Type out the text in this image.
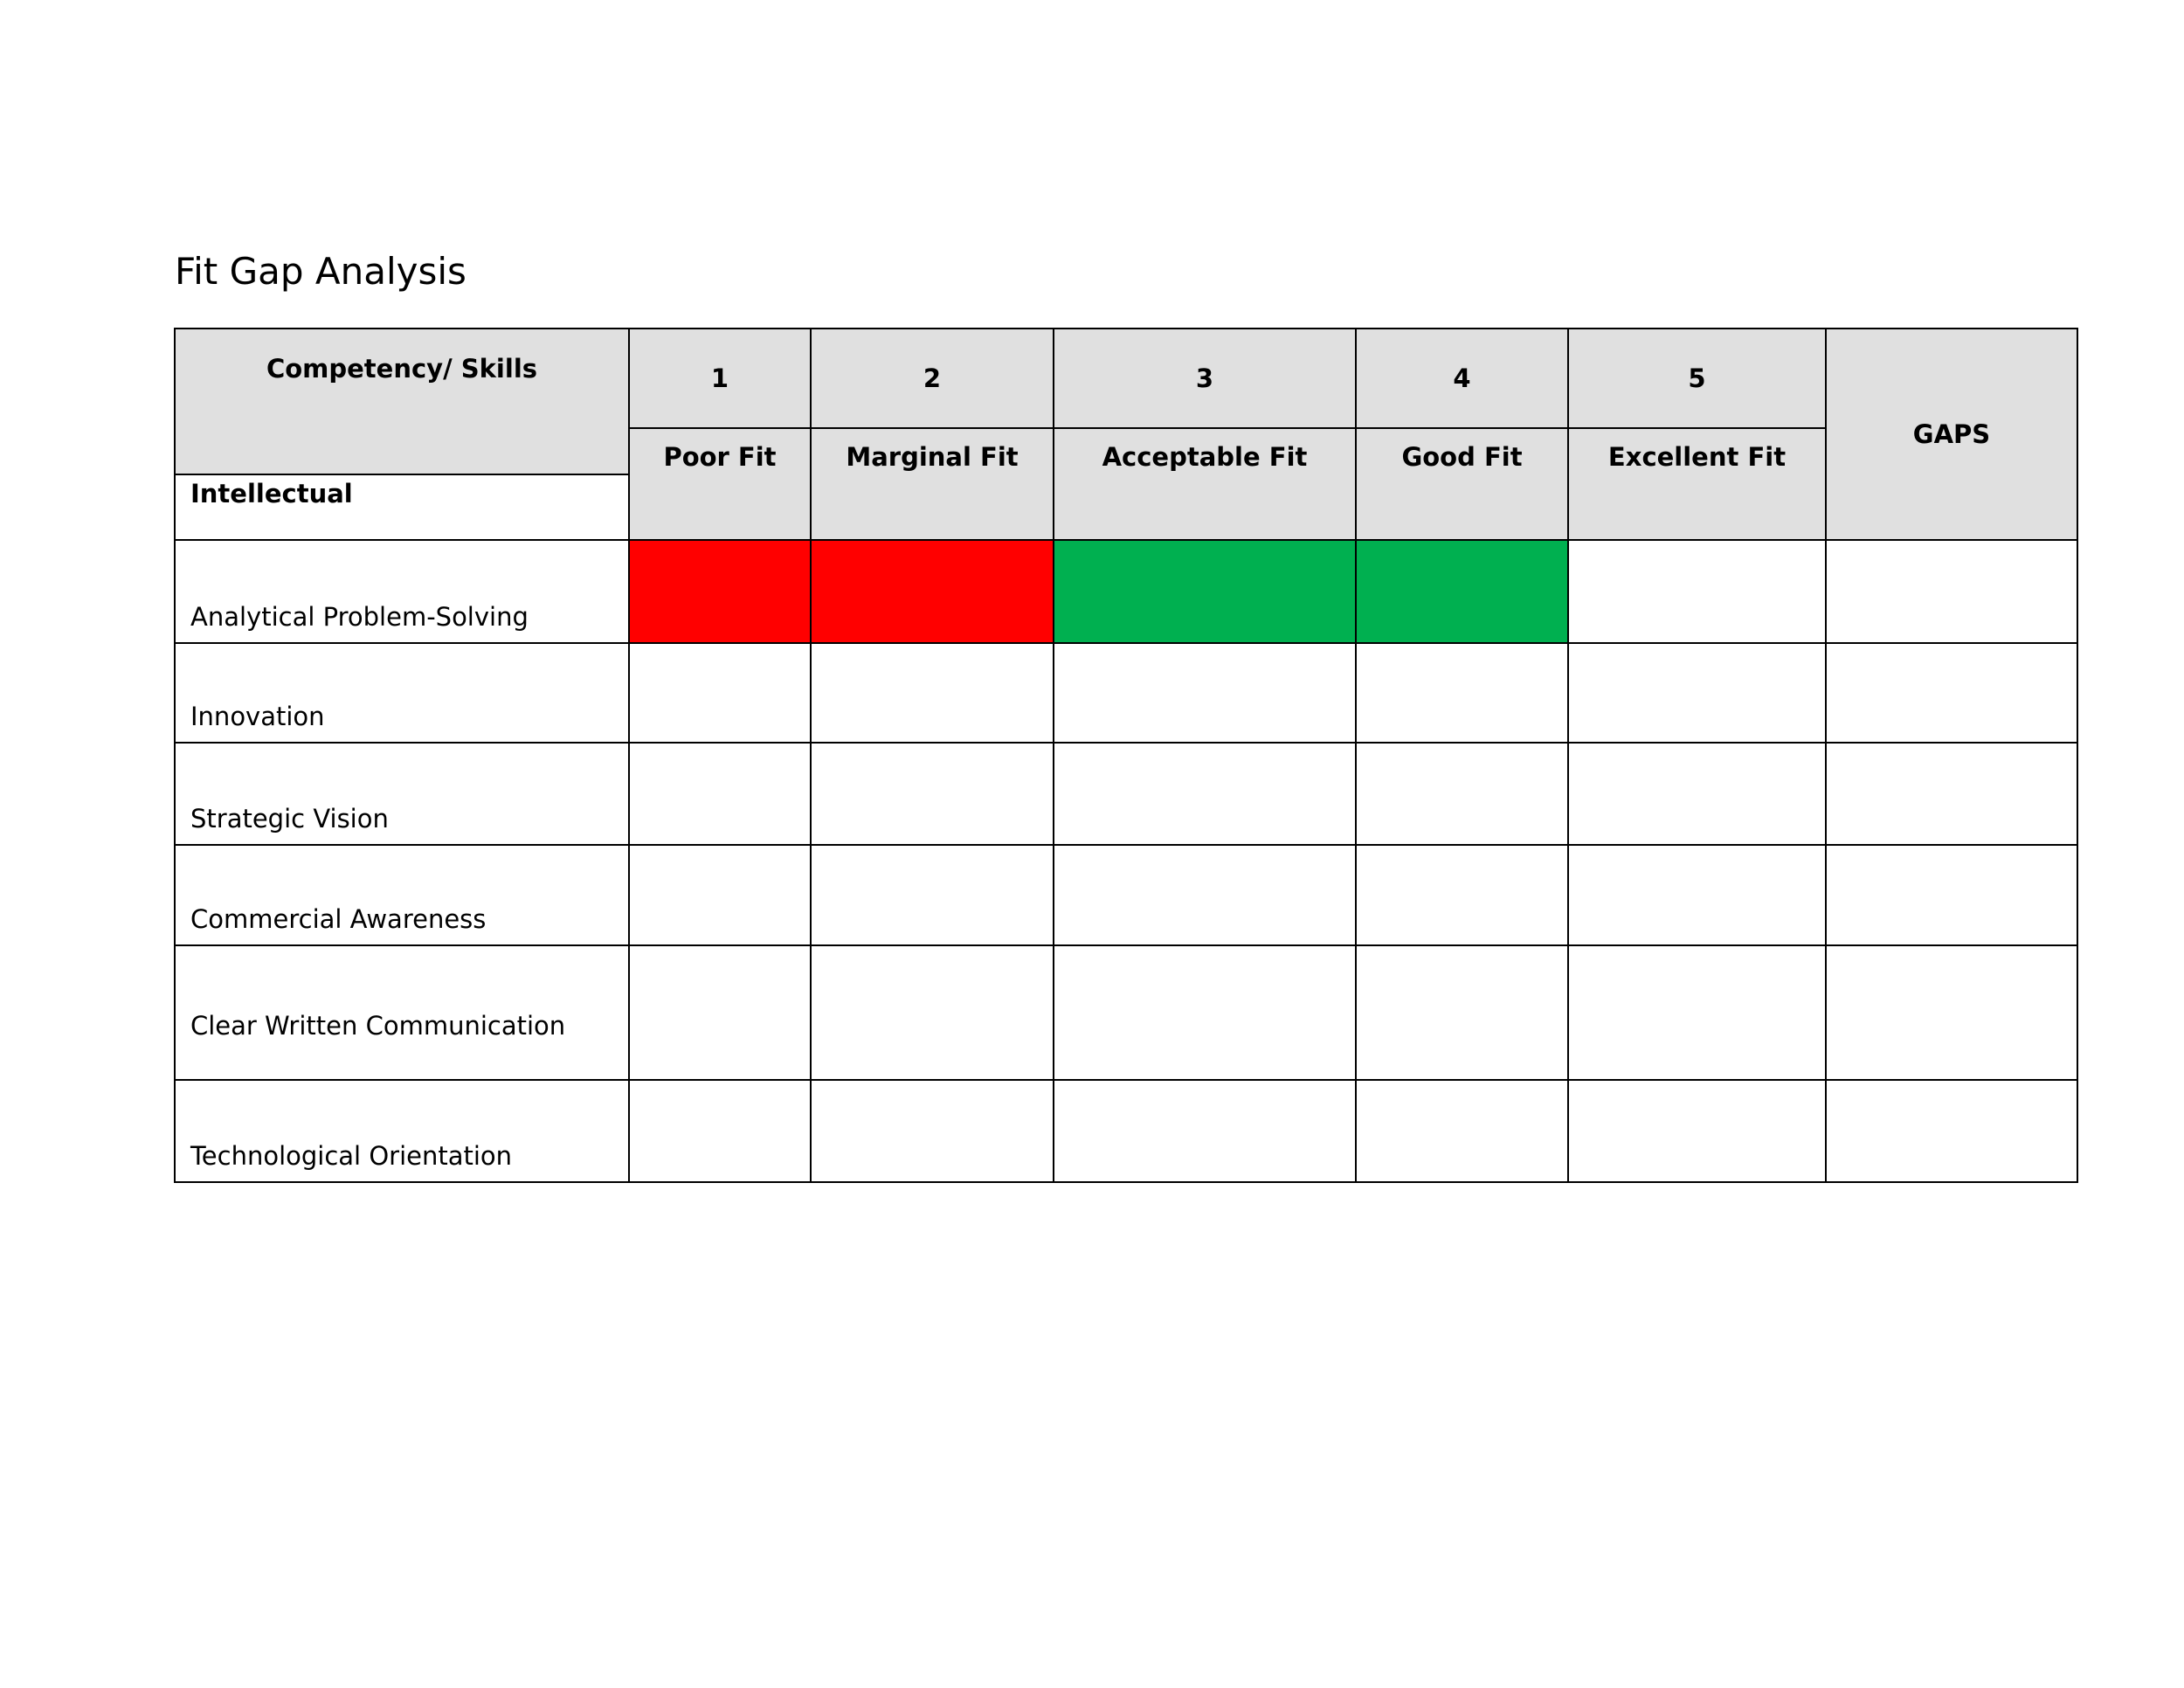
Fit Gap Analysis
Competency/ Skills	1	2	3	4	5	GAPS
	Poor Fit	Marginal Fit	Acceptable Fit	Good Fit	Excellent Fit	
Intellectual						
Analytical Problem-Solving						
Innovation						
Strategic Vision						
Commercial Awareness						
Clear Written Communication						
Technological Orientation						
